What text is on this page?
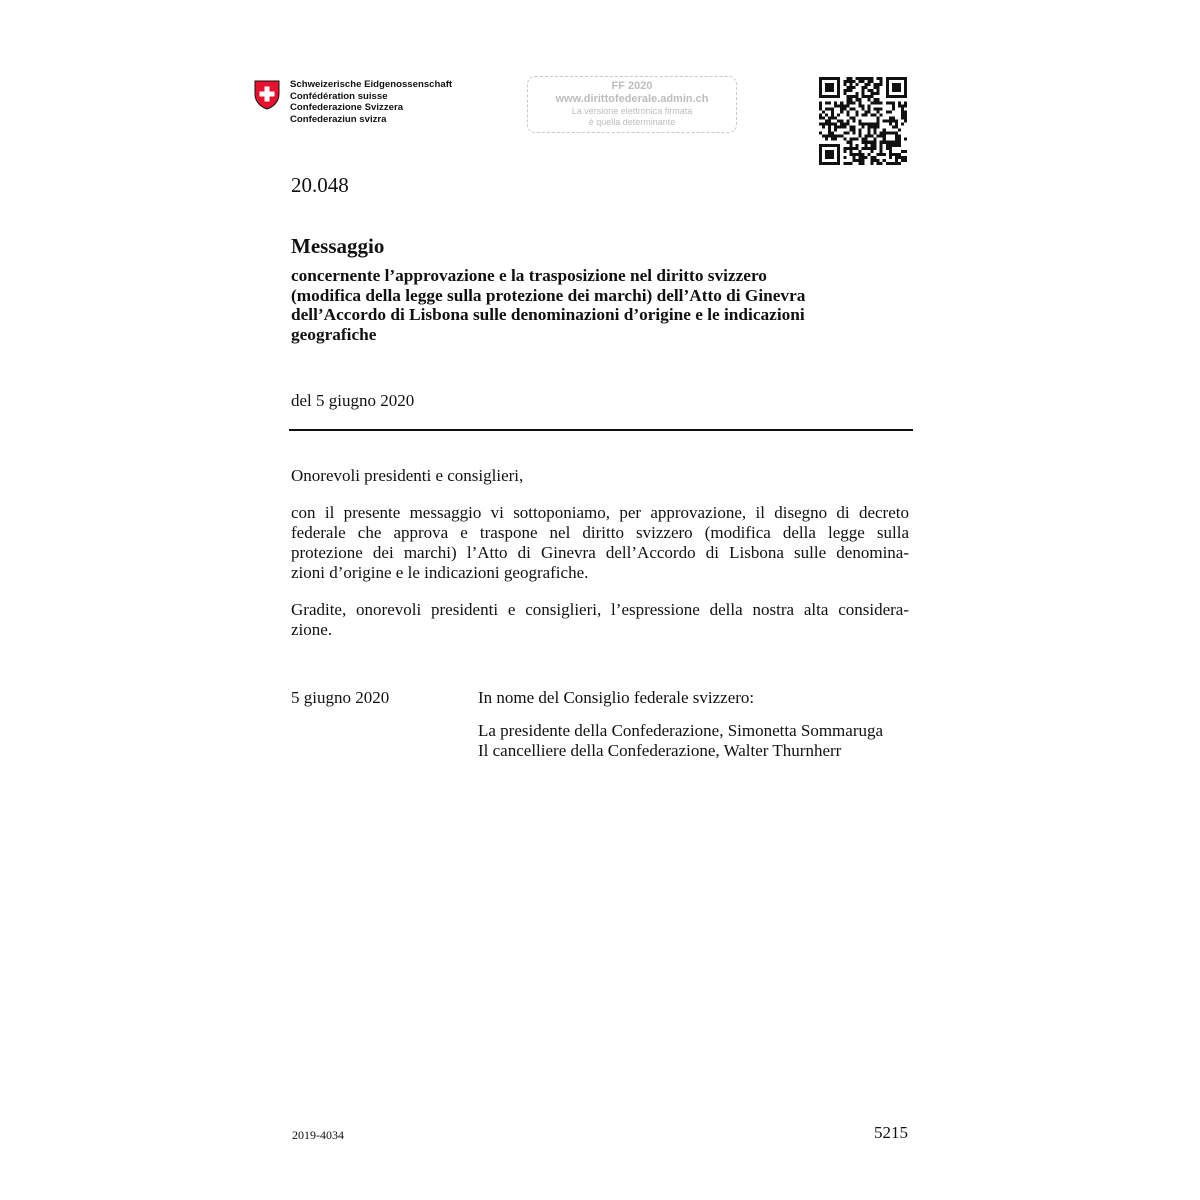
Schweizerische Eidgenossenschaft
Confédération suisse
Confederazione Svizzera
Confederaziun svizra
FF 2020
www.dirittofederale.admin.ch
La versione elettronica firmata
è quella determinante
20.048
Messaggio
concernente l’approvazione e la trasposizione nel diritto svizzero
(modifica della legge sulla protezione dei marchi) dell’Atto di Ginevra
dell’Accordo di Lisbona sulle denominazioni d’origine e le indicazioni
geografiche
del 5 giugno 2020
Onorevoli presidenti e consiglieri,
con il presente messaggio vi sottoponiamo, per approvazione, il disegno di decreto
federale che approva e traspone nel diritto svizzero (modifica della legge sulla
protezione dei marchi) l’Atto di Ginevra dell’Accordo di Lisbona sulle denomina-
zioni d’origine e le indicazioni geografiche.
Gradite, onorevoli presidenti e consiglieri, l’espressione della nostra alta considera-
zione.
5 giugno 2020	In nome del Consiglio federale svizzero:
La presidente della Confederazione, Simonetta Sommaruga
Il cancelliere della Confederazione, Walter Thurnherr
2019-4034	5215
